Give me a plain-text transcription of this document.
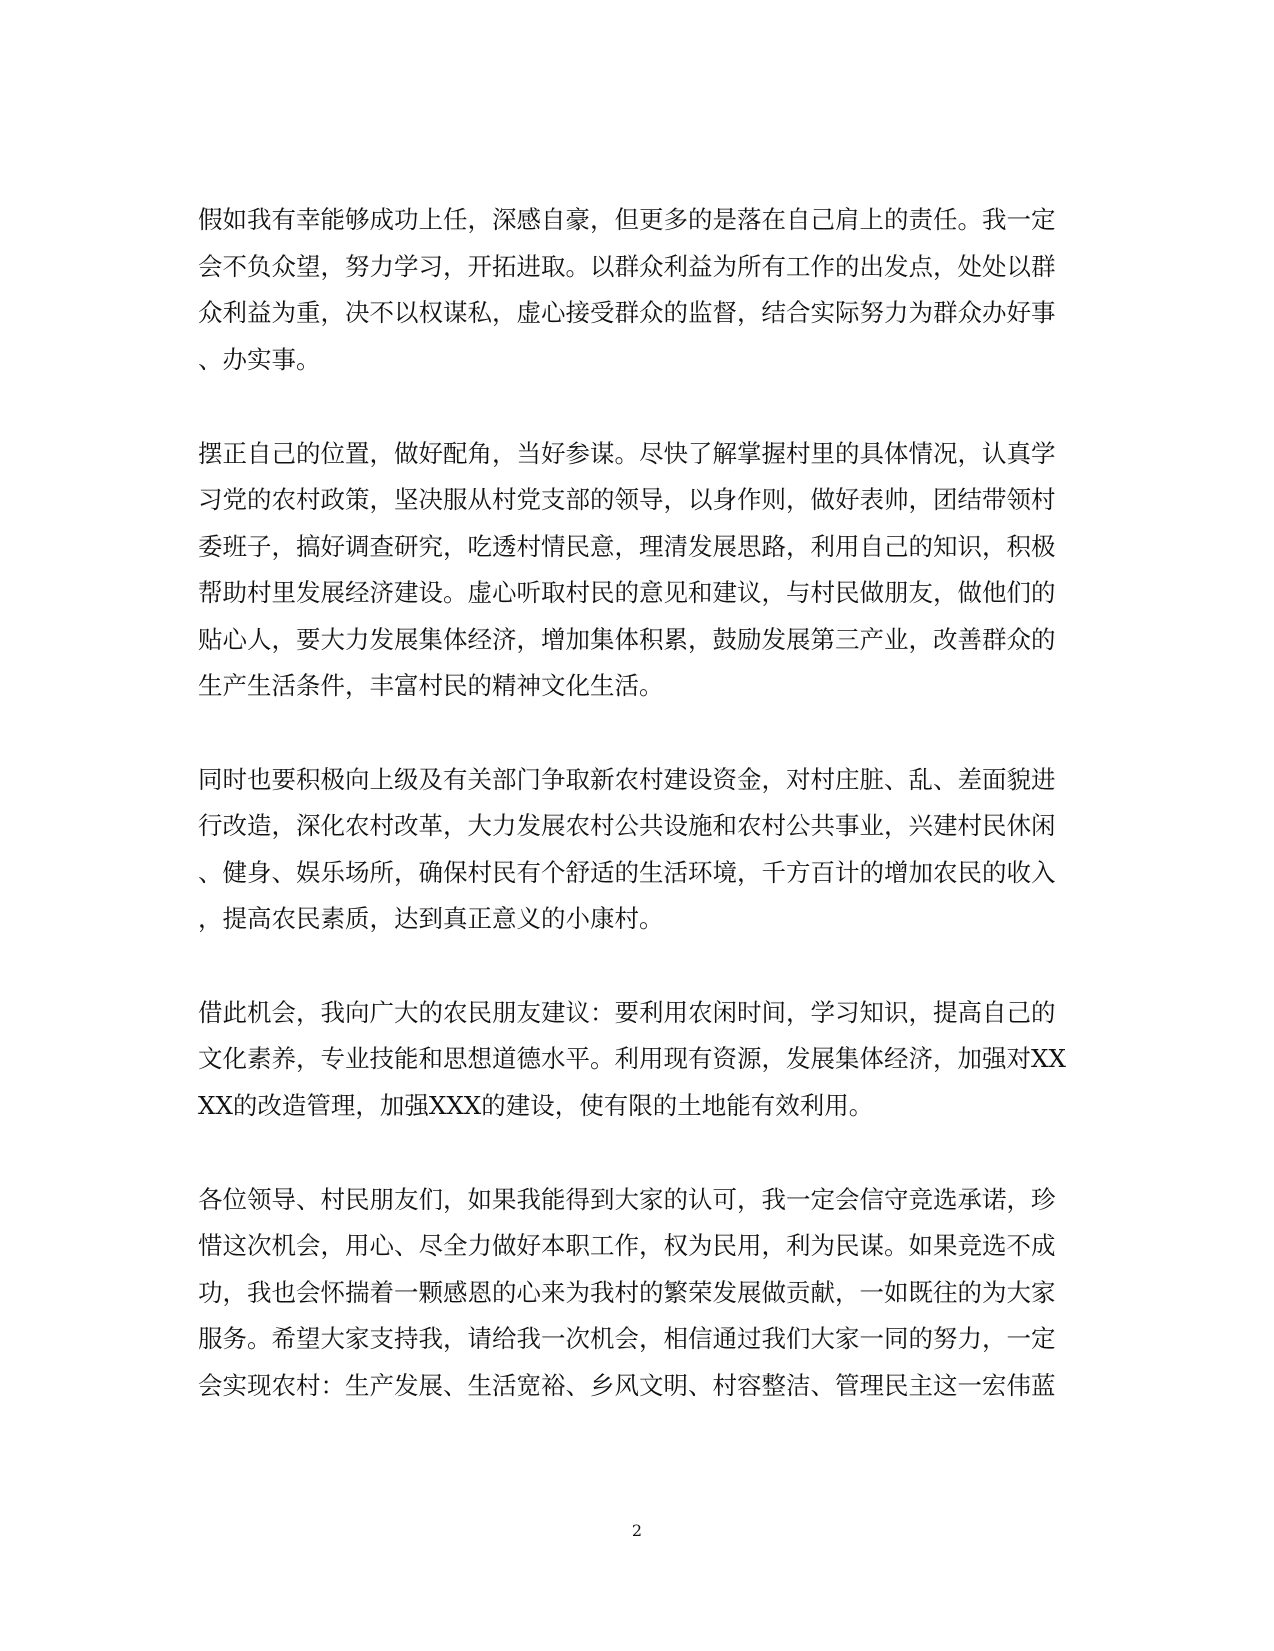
假如我有幸能够成功上任，深感自豪，但更多的是落在自己肩上的责任。我一定
会不负众望，努力学习，开拓进取。以群众利益为所有工作的出发点，处处以群
众利益为重，决不以权谋私，虚心接受群众的监督，结合实际努力为群众办好事
、办实事。
摆正自己的位置，做好配角，当好参谋。尽快了解掌握村里的具体情况，认真学
习党的农村政策，坚决服从村党支部的领导，以身作则，做好表帅，团结带领村
委班子，搞好调查研究，吃透村情民意，理清发展思路，利用自己的知识，积极
帮助村里发展经济建设。虚心听取村民的意见和建议，与村民做朋友，做他们的
贴心人，要大力发展集体经济，增加集体积累，鼓励发展第三产业，改善群众的
生产生活条件，丰富村民的精神文化生活。
同时也要积极向上级及有关部门争取新农村建设资金，对村庄脏、乱、差面貌进
行改造，深化农村改革，大力发展农村公共设施和农村公共事业，兴建村民休闲
、健身、娱乐场所，确保村民有个舒适的生活环境，千方百计的增加农民的收入
，提高农民素质，达到真正意义的小康村。
借此机会，我向广大的农民朋友建议：要利用农闲时间，学习知识，提高自己的
文化素养，专业技能和思想道德水平。利用现有资源，发展集体经济，加强对XX
XX的改造管理，加强XXX的建设，使有限的土地能有效利用。
各位领导、村民朋友们，如果我能得到大家的认可，我一定会信守竞选承诺，珍
惜这次机会，用心、尽全力做好本职工作，权为民用，利为民谋。如果竞选不成
功，我也会怀揣着一颗感恩的心来为我村的繁荣发展做贡献，一如既往的为大家
服务。希望大家支持我，请给我一次机会，相信通过我们大家一同的努力，一定
会实现农村：生产发展、生活宽裕、乡风文明、村容整洁、管理民主这一宏伟蓝
2
